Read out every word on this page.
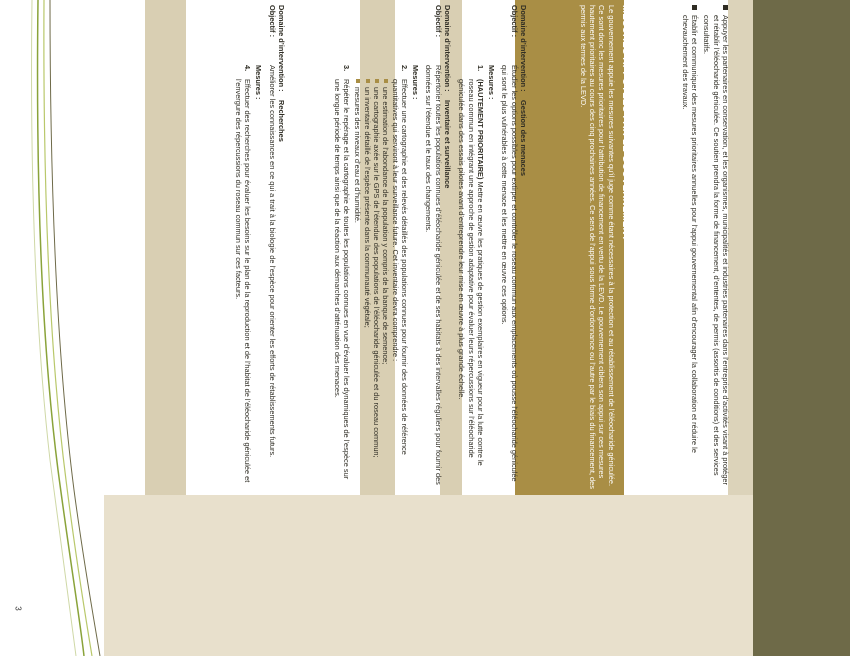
3

Appuyer les partenaires en conservation, et les organismes, municipalités et industries partenaires dans l’entreprise d’activités visant à protéger et rétablir l’éléocharide géniculée. Ce soutien prendra la forme de financement, d’ententes, de permis (assortis de conditions) et des services consultatifs.

Établir et communiquer des mesures prioritaires annuelles pour l’appui gouvernemental afin d’encourager la collaboration et réduire le chevauchement des travaux.

MESURES APPUYÉES PAR LE GOUVERNEMENT

Le gouvernement appuie les mesures suivantes qu’il juge comme étant nécessaires à la protection et au rétablissement de l’éléocharide géniculée. Ce sont donc les mesures prioritaires pour l’attribution de financement en vertu de la LEVD. Le gouvernement ciblera son appui sur ces mesures hautement prioritaires au cours des cinq prochaines années. Ce sera de l’appui sous forme d’ordonnance ou l’autre par le biais du financement, des permis aux termes de la LEVD.

Domaine d’intervention :
Gestion des menaces
Objectif :

Étudier les options possibles pour extirper et contrôler le roseau commun aux emplacements où pousse l’éléocharide géniculée qui sont le plus vulnérables à cette menace et les mettre en œuvre ces options.

Mesures :
1.

(HAUTEMENT PRIORITAIRE) Mettre en œuvre les pratiques de gestion exemplaires en vigueur pour la lutte contre le roseau commun en intégrant une approche de gestion adaptative pour évaluer leurs répercussions sur l’éléocharide géniculée dans des essais pilotes avant d’entreprendre leur mise en œuvre à plus grande échelle.

Domaine d’intervention :
Inventaire et surveillance
Objectif :

Répertorier toutes les populations connues d’éléocharide géniculée et de ses habitats à des intervalles réguliers pour fournir des données sur l’étendue et le taux des changements.

Mesures :
2.

Effectuer une cartographie et des relevés détaillés des populations connues pour fournir des données de référence quantitatives qui serviront à leur surveillance future. Cet inventaire devra comprendre :

une estimation de l’abondance de la population y compris de la banque de semence;

une cartographie axée sur le GPS de l’étendue des populations de l’éléocharide géniculée et du roseau commun;

un inventaire détaillé de l’espèce présente dans la communauté végétale;

mesures des niveaux d’eau et d’humidité.

3.

Répéter le repérage et la cartographie de toutes les populations connues en vue d’évaluer les dynamiques de l’espèce sur une longue période de temps ainsi que de la réaction aux démarches d’atténuation des menaces.

Domaine d’intervention :
Recherches
Objectif :

Améliorer les connaissances en ce qui a trait à la biologie de l’espèce pour orienter les efforts de rétablissements futurs.

Mesures :
4.

Effectuer des recherches pour évaluer les besoins sur le plan de la reproduction et de l’habitat de l’éléocharide géniculée et l’envergure des répercussions du roseau commun sur ces facteurs.
